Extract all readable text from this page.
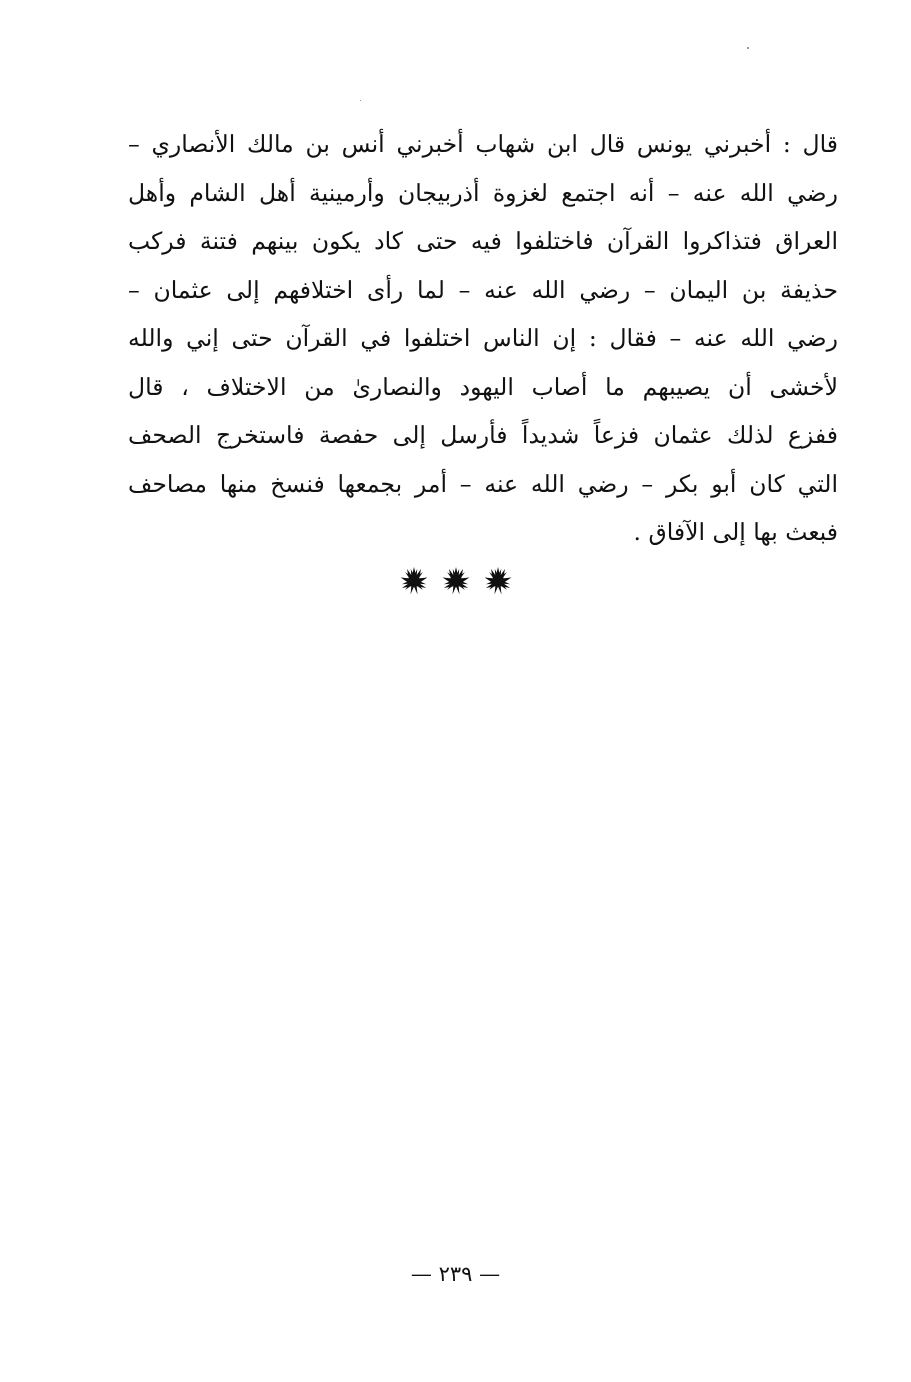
قال : أخبرني يونس قال ابن شهاب أخبرني أنس بن مالك الأنصاري –
رضي الله عنه – أنه اجتمع لغزوة أذربيجان وأرمينية أهل الشام وأهل
العراق فتذاكروا القرآن فاختلفوا فيه حتى كاد يكون بينهم فتنة فركب
حذيفة بن اليمان – رضي الله عنه – لما رأى اختلافهم إلى عثمان –
رضي الله عنه – فقال : إن الناس اختلفوا في القرآن حتى إني والله
لأخشى أن يصيبهم ما أصاب اليهود والنصارىٰ من الاختلاف ، قال
ففزع لذلك عثمان فزعاً شديداً فأرسل إلى حفصة فاستخرج الصحف
التي كان أبو بكر – رضي الله عنه – أمر بجمعها فنسخ منها مصاحف
فبعث بها إلى الآفاق .
— ٢٣٩ —
